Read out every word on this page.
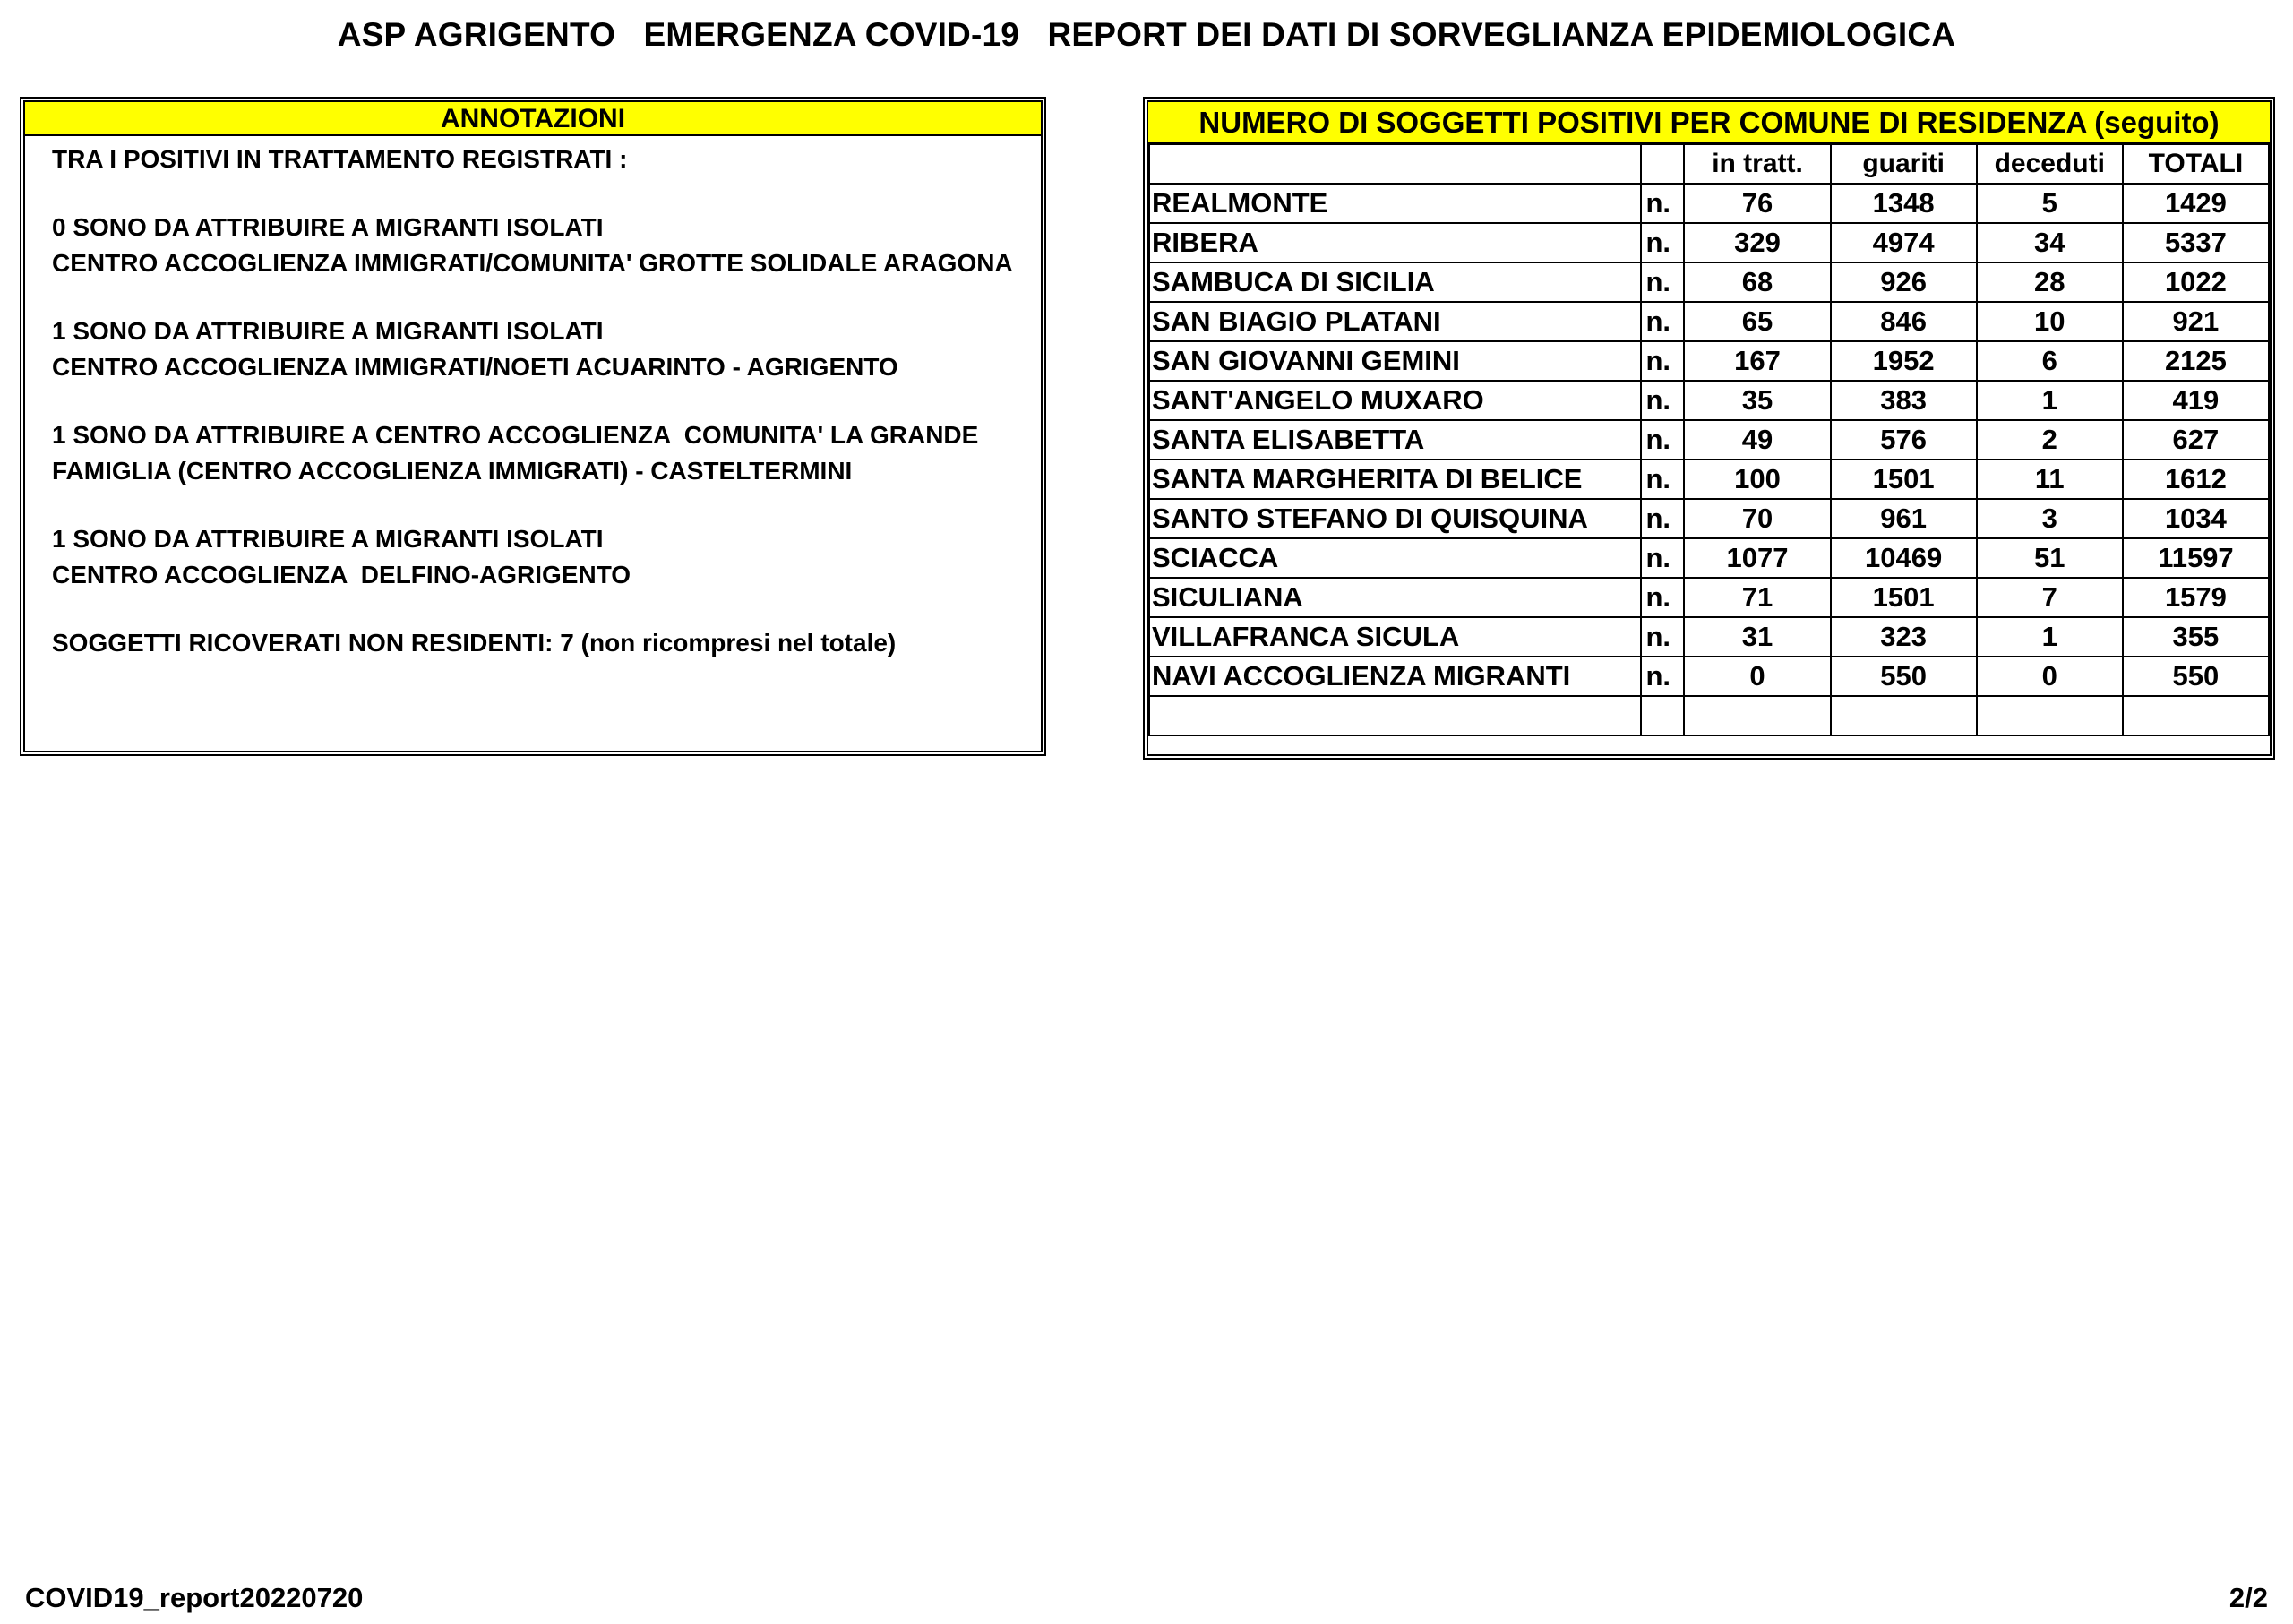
ASP AGRIGENTO   EMERGENZA COVID-19   REPORT DEI DATI DI SORVEGLIANZA EPIDEMIOLOGICA
ANNOTAZIONI

TRA I POSITIVI IN TRATTAMENTO REGISTRATI :

0 SONO DA ATTRIBUIRE A MIGRANTI ISOLATI

CENTRO ACCOGLIENZA IMMIGRATI/COMUNITA' GROTTE SOLIDALE ARAGONA

1 SONO DA ATTRIBUIRE A MIGRANTI ISOLATI

CENTRO ACCOGLIENZA IMMIGRATI/NOETI ACUARINTO - AGRIGENTO

1 SONO DA ATTRIBUIRE A CENTRO ACCOGLIENZA  COMUNITA' LA GRANDE

FAMIGLIA (CENTRO ACCOGLIENZA IMMIGRATI) - CASTELTERMINI

1 SONO DA ATTRIBUIRE A MIGRANTI ISOLATI

CENTRO ACCOGLIENZA  DELFINO-AGRIGENTO

SOGGETTI RICOVERATI NON RESIDENTI: 7 (non ricompresi nel totale)

NUMERO DI SOGGETTI POSITIVI PER COMUNE DI RESIDENZA (seguito)
		in tratt.	guariti	deceduti	TOTALI
REALMONTE	n.	76	1348	5	1429
RIBERA	n.	329	4974	34	5337
SAMBUCA DI SICILIA	n.	68	926	28	1022
SAN BIAGIO PLATANI	n.	65	846	10	921
SAN GIOVANNI GEMINI	n.	167	1952	6	2125
SANT'ANGELO MUXARO	n.	35	383	1	419
SANTA ELISABETTA	n.	49	576	2	627
SANTA MARGHERITA DI BELICE	n.	100	1501	11	1612
SANTO STEFANO DI QUISQUINA	n.	70	961	3	1034
SCIACCA	n.	1077	10469	51	11597
SICULIANA	n.	71	1501	7	1579
VILLAFRANCA SICULA	n.	31	323	1	355
NAVI ACCOGLIENZA MIGRANTI	n.	0	550	0	550

COVID19_report20220720	2/2
